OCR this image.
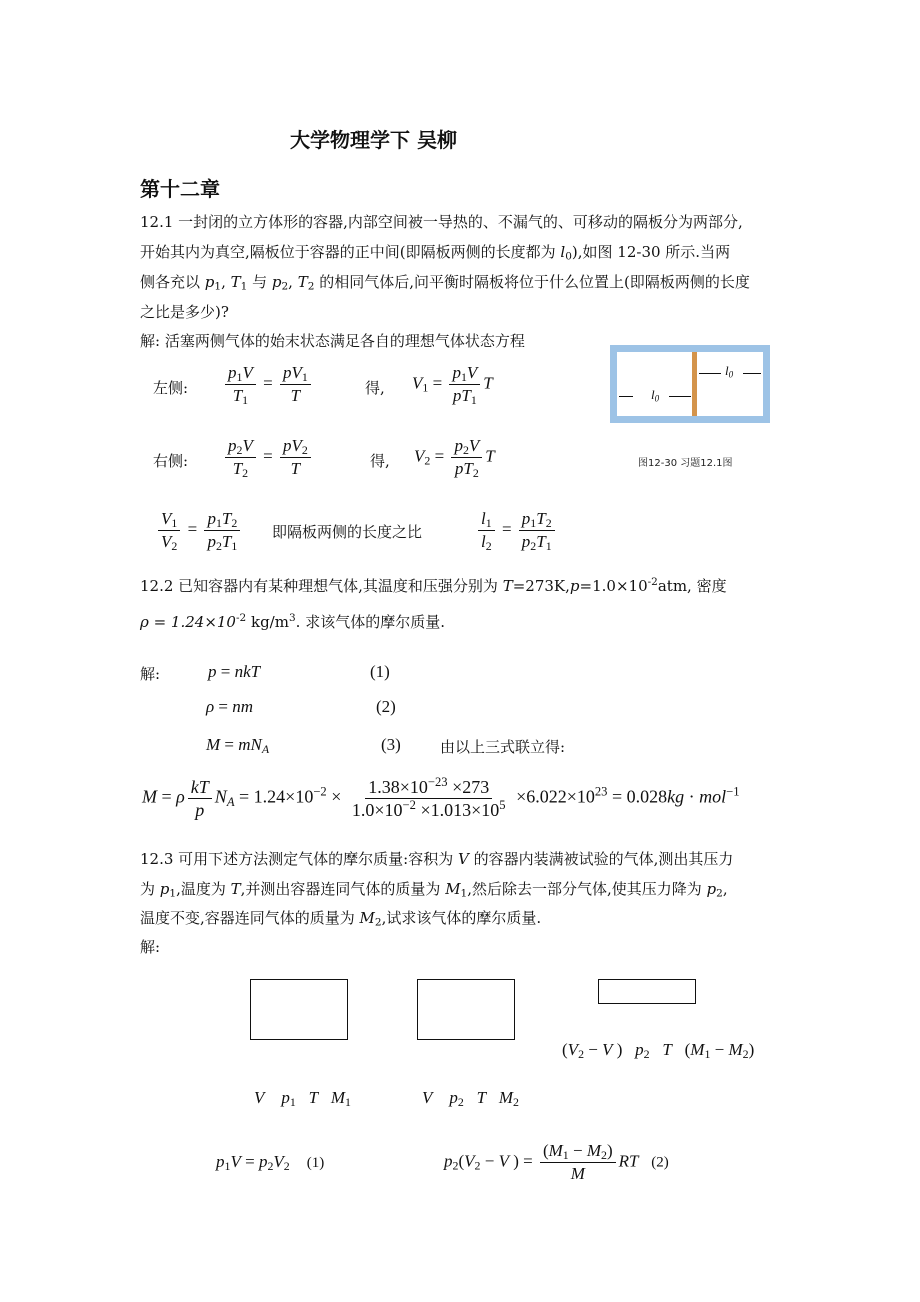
大学物理学下 吴柳
第十二章
12.1 一封闭的立方体形的容器,内部空间被一导热的、不漏气的、可移动的隔板分为两部分,
开始其内为真空,隔板位于容器的正中间(即隔板两侧的长度都为 $l_0$),如图 12-30 所示.当两
侧各充以 $p_1$, $T_1$ 与 $p_2$, $T_2$ 的相同气体后,问平衡时隔板将位于什么位置上(即隔板两侧的长度
之比是多少)?
解: 活塞两侧气体的始末状态满足各自的理想气体状态方程
$l_0$
$l_0$
图12-30 习题12.1图
左侧: $\frac{p_1V}{T_1} = \frac{pV_1}{T}$	得, $V_1 = \frac{p_1V}{pT_1}$ T
右侧: $\frac{p_2V}{T_2} = \frac{pV_2}{T}$	得, $V_2 = \frac{p_2V}{pT_2}$ T
$\frac{V_1}{V_2} = \frac{p_1T_2}{p_2T_1}$ 即隔板两侧的长度之比	$\frac{l_1}{l_2} = \frac{p_1T_2}{p_2T_1}$
12.2 已知容器内有某种理想气体,其温度和压强分别为 $T=273K,p=1.0\times 10^{-2}atm$, 密度
$\rho = 1.24\times 10^{-2}$ $kg/m^3$. 求该气体的摩尔质量.
解:	p = nkT	(1)
ρ = nm	(2)
$M = mN_A$	(3)	由以上三式联立得:
M = ρ $\frac{kT}{p} N_A = 1.24\times 10^{-2} \times \frac{1.38\times 10^{-23} \times 273}{1.0\times 10^{-2} \times 1.013\times 10^5} \times 6.022\times 10^{23} = 0.028kg \cdot mol^{-1}$
12.3 可用下述方法测定气体的摩尔质量:容积为 V 的容器内装满被试验的气体,测出其压力
为 $p_1$,温度为 T,并测出容器连同气体的质量为 $M_1$,然后除去一部分气体,使其压力降为 $p_2$,
温度不变,容器连同气体的质量为 $M_2$,试求该气体的摩尔质量.
解:
($V_2 - V$ )   $p_2$ T   $(M_1 - M_2)$
V $p_1$ T $M_1$	V $p_2$ T $M_2$
$p_1V = p_2V_2$ (1)	$p_2(V_2 - V$ ) = $\frac{(M_1 - M_2)}{M}$ RT (2)
